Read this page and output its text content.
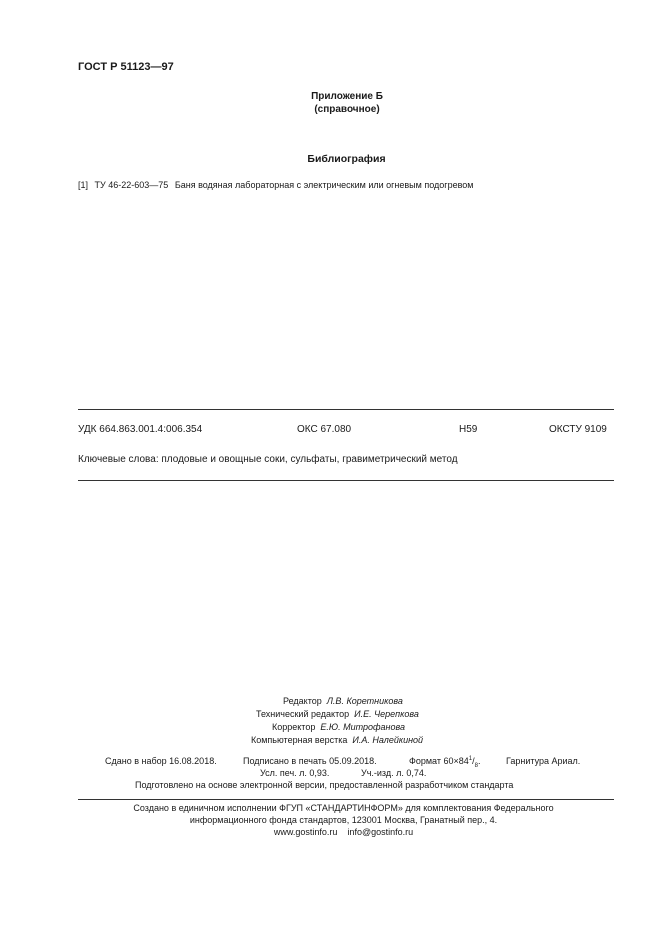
ГОСТ Р 51123—97
Приложение Б
(справочное)
Библиография
[1] ТУ 46-22-603—75 Баня водяная лабораторная с электрическим или огневым подогревом
УДК 664.863.001.4:006.354	ОКС 67.080	Н59	ОКСТУ 9109
Ключевые слова: плодовые и овощные соки, сульфаты, гравиметрический метод
Редактор Л.В. Коретникова
Технический редактор И.Е. Черепкова
Корректор Е.Ю. Митрофанова
Компьютерная верстка И.А. Налейкиной
Сдано в набор 16.08.2018.	Подписано в печать 05.09.2018.	Формат $60\times 84^1/_8$.	Гарнитура Ариал.
Усл. печ. л. 0,93.	Уч.-изд. л. 0,74.
Подготовлено на основе электронной версии, предоставленной разработчиком стандарта
Создано в единичном исполнении ФГУП «СТАНДАРТИНФОРМ» для комплектования Федерального
информационного фонда стандартов, 123001 Москва, Гранатный пер., 4.
www.gostinfo.ru info@gostinfo.ru
